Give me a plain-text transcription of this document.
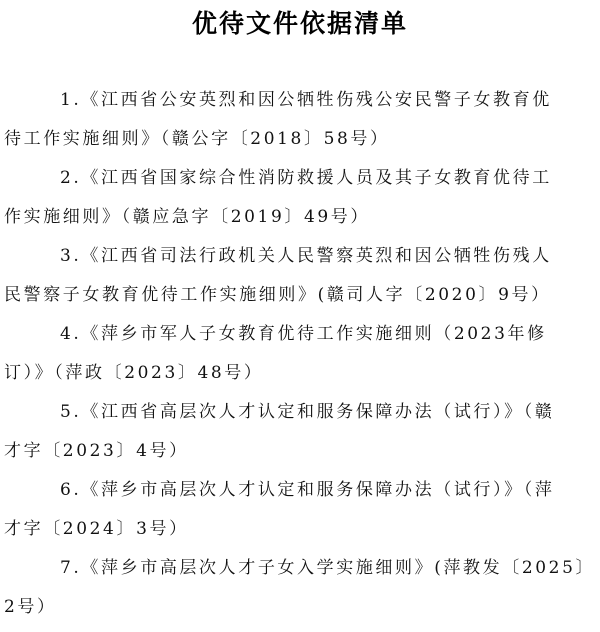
优待文件依据清单
1.《江西省公安英烈和因公牺牲伤残公安民警子女教育优
待工作实施细则》（赣公字〔2018〕58号）
2.《江西省国家综合性消防救援人员及其子女教育优待工
作实施细则》（赣应急字〔2019〕49号）
3.《江西省司法行政机关人民警察英烈和因公牺牲伤残人
民警察子女教育优待工作实施细则》(赣司人字〔2020〕9号）
4.《萍乡市军人子女教育优待工作实施细则（2023年修
订）》（萍政〔2023〕48号）
5.《江西省高层次人才认定和服务保障办法（试行）》（赣
才字〔2023〕4号）
6.《萍乡市高层次人才认定和服务保障办法（试行）》（萍
才字〔2024〕3号）
7.《萍乡市高层次人才子女入学实施细则》(萍教发〔2025〕
2号）
